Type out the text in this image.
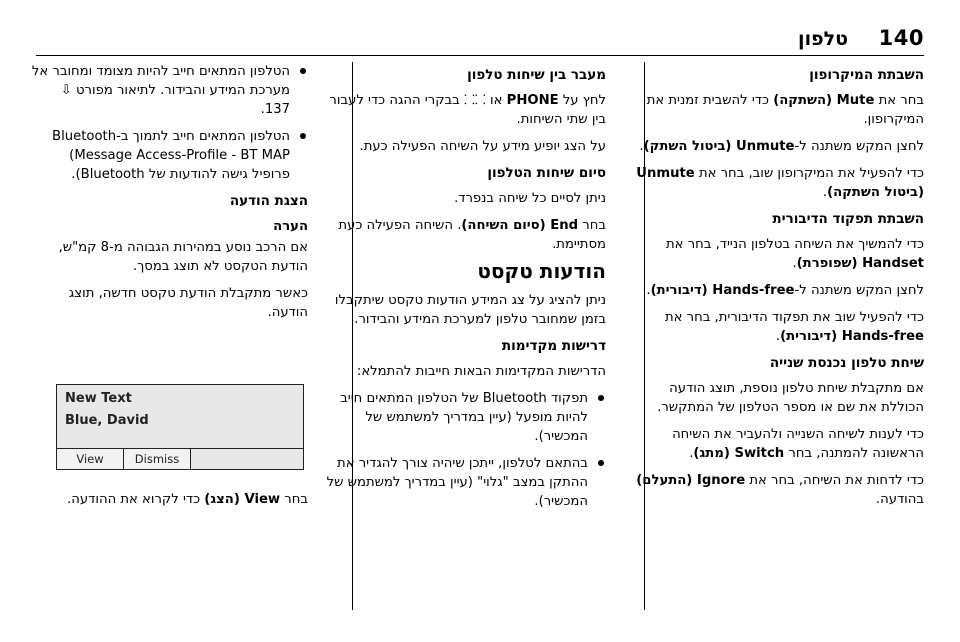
140
טלפון
השבתת המיקרופון

בחר את Mute (השתקה) כדי להשבית זמנית את המיקרופון.

לחצן המקש משתנה ל-Unmute (ביטול השתק).

כדי להפעיל את המיקרופון שוב, בחר את Unmute (ביטול השתקה).

השבתת תפקוד הדיבורית

כדי להמשיך את השיחה בטלפון הנייד, בחר את Handset (שפופרת).

לחצן המקש משתנה ל-Hands-free (דיבורית).

כדי להפעיל שוב את תפקוד הדיבורית, בחר את Hands-free (דיבורית).

שיחת טלפון נכנסת שנייה

אם מתקבלת שיחת טלפון נוספת, תוצג הודעה הכוללת את שם או מספר הטלפון של המתקשר.

כדי לענות לשיחה השנייה ולהעביר את השיחה הראשונה להמתנה, בחר Switch (מתג).

כדי לדחות את השיחה, בחר את Ignore (התעלם) בהודעה.

מעבר בין שיחות טלפון

לחץ על PHONE או ⸬⸬ בבקרי ההגה כדי לעבור בין שתי השיחות.

על הצג יופיע מידע על השיחה הפעילה כעת.

סיום שיחות הטלפון

ניתן לסיים כל שיחה בנפרד.

בחר End (סיום השיחה). השיחה הפעילה כעת מסתיימת.

הודעות טקסט

ניתן להציג על צג המידע הודעות טקסט שיתקבלו בזמן שמחובר טלפון למערכת המידע והבידור.

דרישות מקדימות

הדרישות המקדימות הבאות חייבות להתמלא:

תפקוד Bluetooth של הטלפון המתאים חייב להיות מופעל (עיין במדריך למשתמש של המכשיר).
בהתאם לטלפון, ייתכן שיהיה צורך להגדיר את ההתקן במצב "גלוי" (עיין במדריך למשתמש של המכשיר).
הטלפון המתאים חייב להיות מצומד ומחובר אל מערכת המידע והבידור. לתיאור מפורט ⇩ 137.
הטלפון המתאים חייב לתמוך ב-Bluetooth Message Access-Profile - BT MAP) פרופיל גישה להודעות של Bluetooth).
הצגת הודעה
הערה

אם הרכב נוסע במהירות הגבוהה מ-8 קמ"ש, הודעת הטקסט לא תוצג במסך.

כאשר מתקבלת הודעת טקסט חדשה, תוצג הודעה.

New Text
Blue, David
View	Dismiss

בחר View (הצג) כדי לקרוא את ההודעה.
